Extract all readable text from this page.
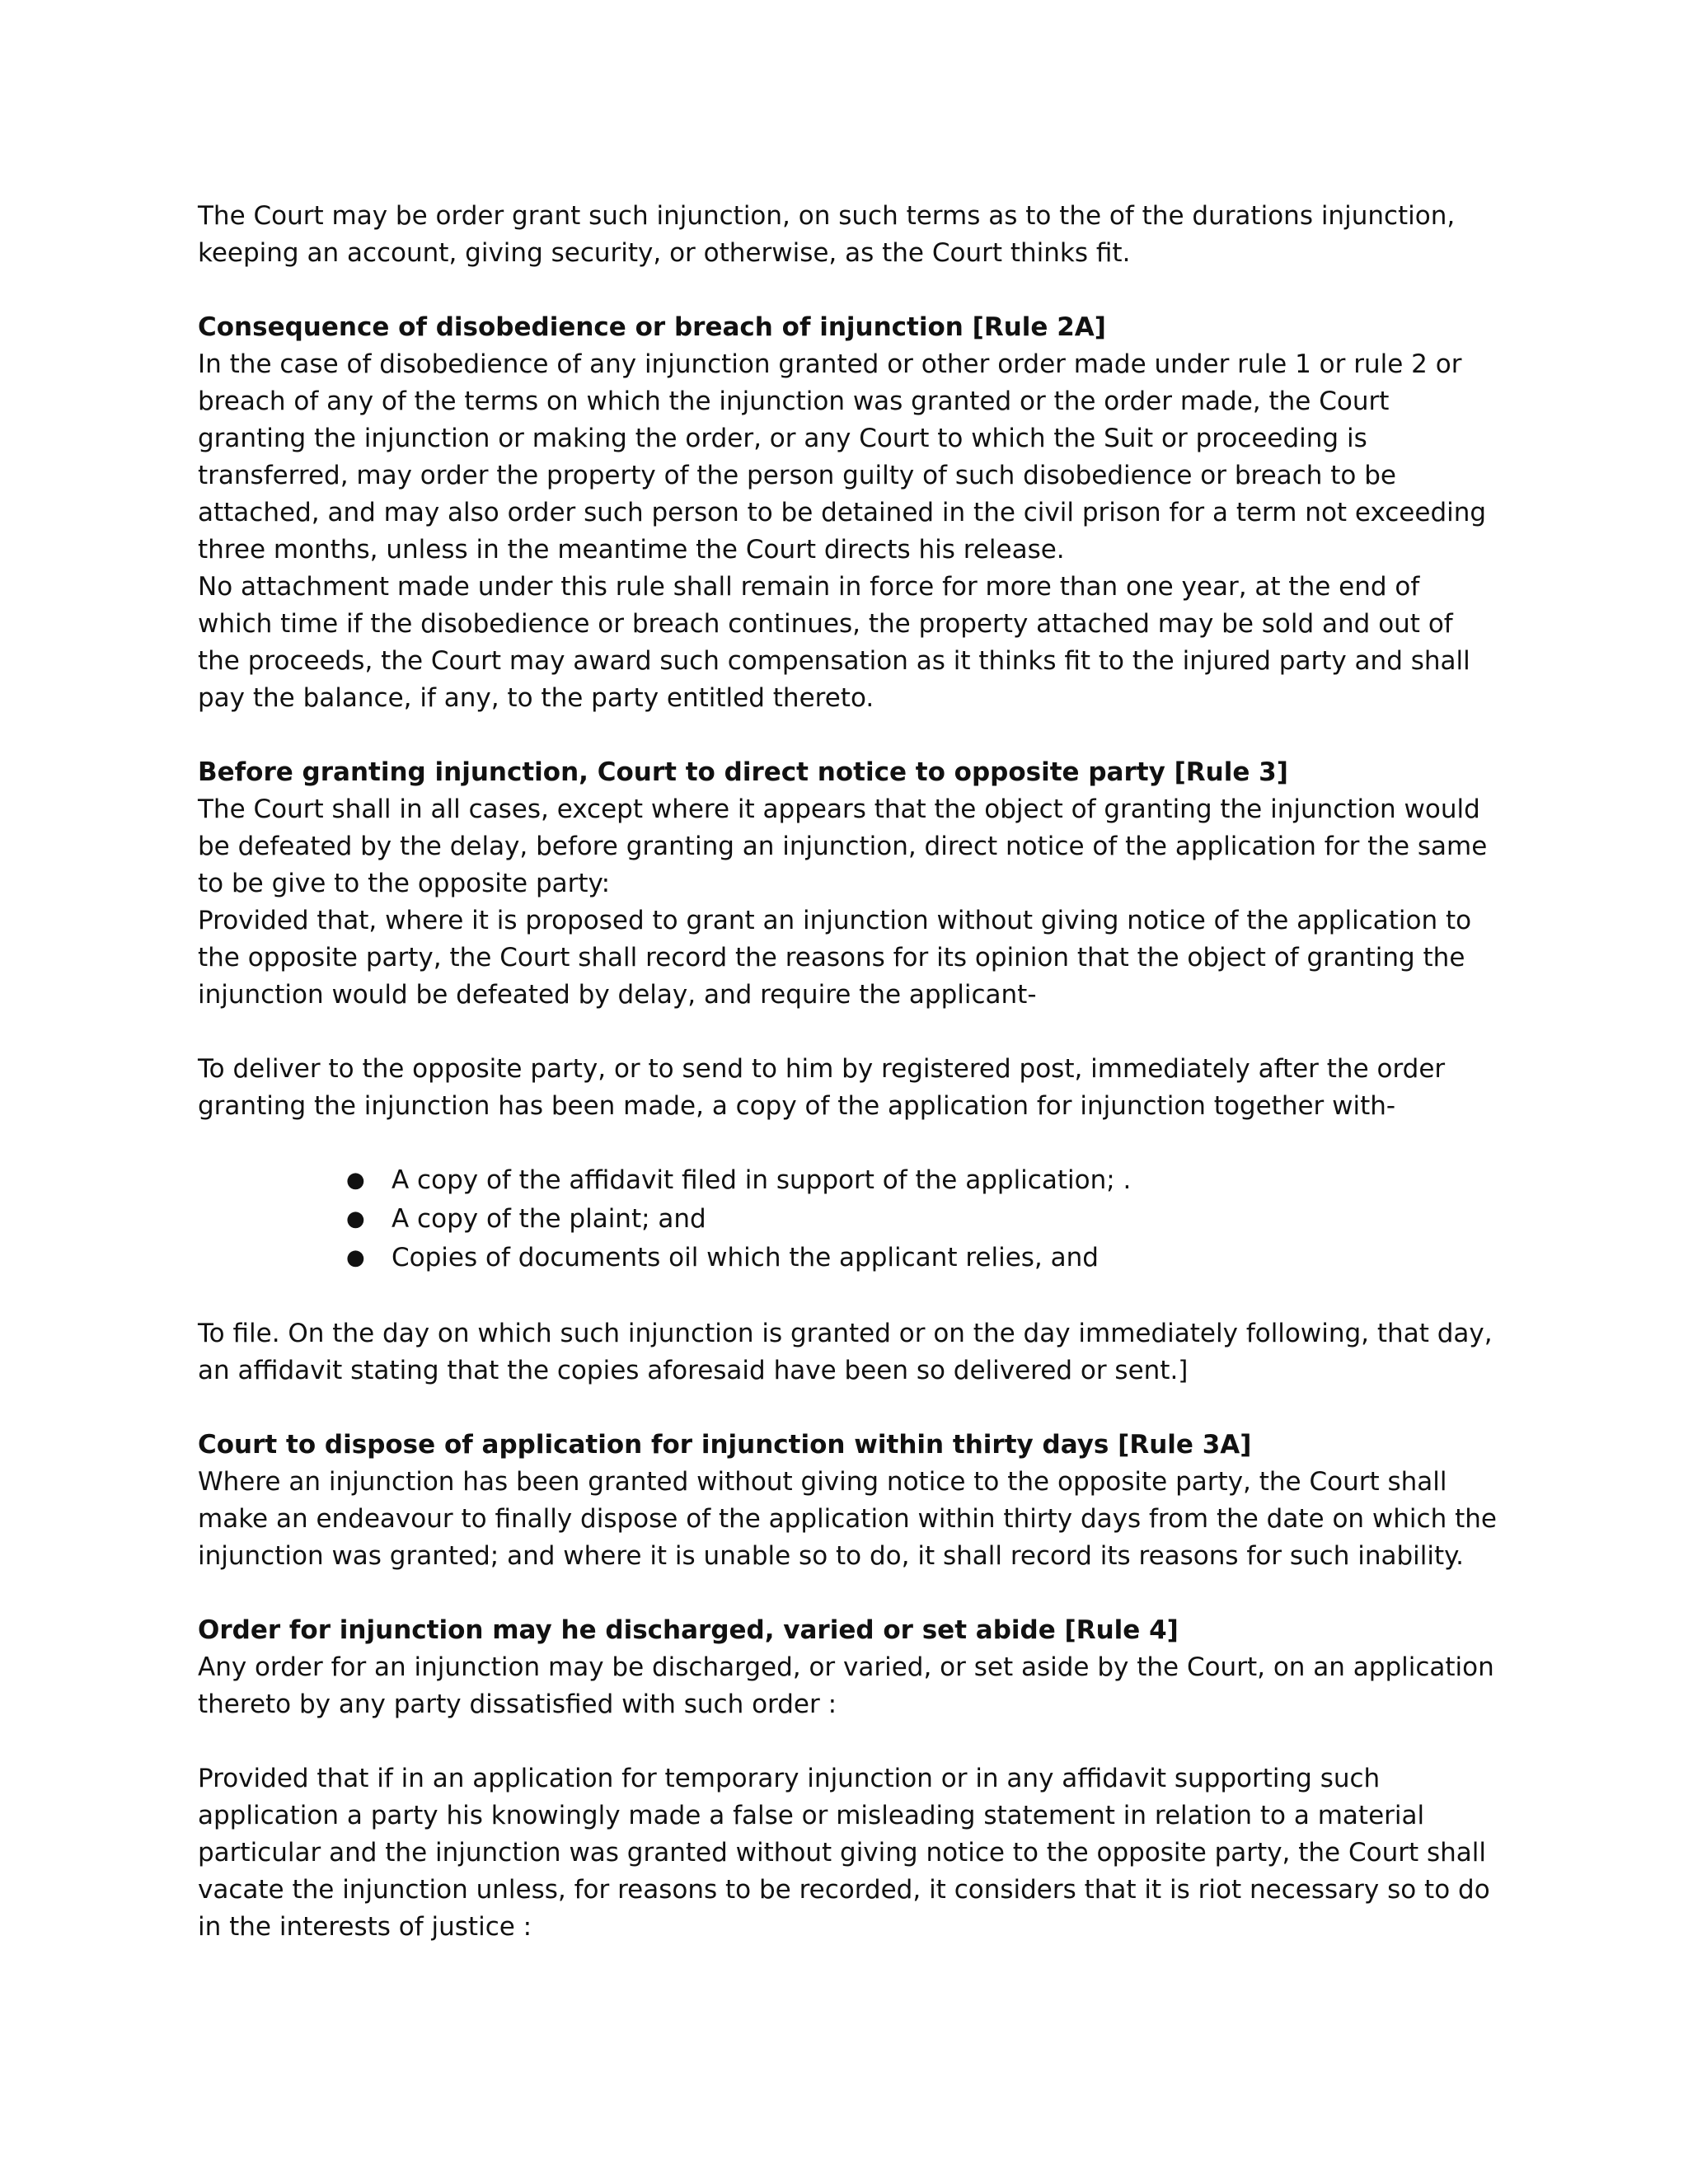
The Court may be order grant such injunction, on such terms as to the of the durations injunction, keeping an account, giving security, or otherwise, as the Court thinks fit.

Consequence of disobedience or breach of injunction [Rule 2A]

In the case of disobedience of any injunction granted or other order made under rule 1 or rule 2 or breach of any of the terms on which the injunction was granted or the order made, the Court granting the injunction or making the order, or any Court to which the Suit or proceeding is transferred, may order the property of the person guilty of such disobedience or breach to be attached, and may also order such person to be detained in the civil prison for a term not exceeding three months, unless in the meantime the Court directs his release.

No attachment made under this rule shall remain in force for more than one year, at the end of which time if the disobedience or breach continues, the property attached may be sold and out of the proceeds, the Court may award such compensation as it thinks fit to the injured party and shall pay the balance, if any, to the party entitled thereto.

Before granting injunction, Court to direct notice to opposite party [Rule 3]

The Court shall in all cases, except where it appears that the object of granting the injunction would be defeated by the delay, before granting an injunction, direct notice of the application for the same to be give to the opposite party:

Provided that, where it is proposed to grant an injunction without giving notice of the application to the opposite party, the Court shall record the reasons for its opinion that the object of granting the injunction would be defeated by delay, and require the applicant-

To deliver to the opposite party, or to send to him by registered post, immediately after the order granting the injunction has been made, a copy of the application for injunction together with-

● A copy of the affidavit filed in support of the application; .
● A copy of the plaint; and
● Copies of documents oil which the applicant relies, and

To file. On the day on which such injunction is granted or on the day immediately following, that day, an affidavit stating that the copies aforesaid have been so delivered or sent.]

Court to dispose of application for injunction within thirty days [Rule 3A]

Where an injunction has been granted without giving notice to the opposite party, the Court shall make an endeavour to finally dispose of the application within thirty days from the date on which the injunction was granted; and where it is unable so to do, it shall record its reasons for such inability.

Order for injunction may he discharged, varied or set abide [Rule 4]

Any order for an injunction may be discharged, or varied, or set aside by the Court, on an application thereto by any party dissatisfied with such order :

Provided that if in an application for temporary injunction or in any affidavit supporting such application a party his knowingly made a false or misleading statement in relation to a material particular and the injunction was granted without giving notice to the opposite party, the Court shall vacate the injunction unless, for reasons to be recorded, it considers that it is riot necessary so to do in the interests of justice :
